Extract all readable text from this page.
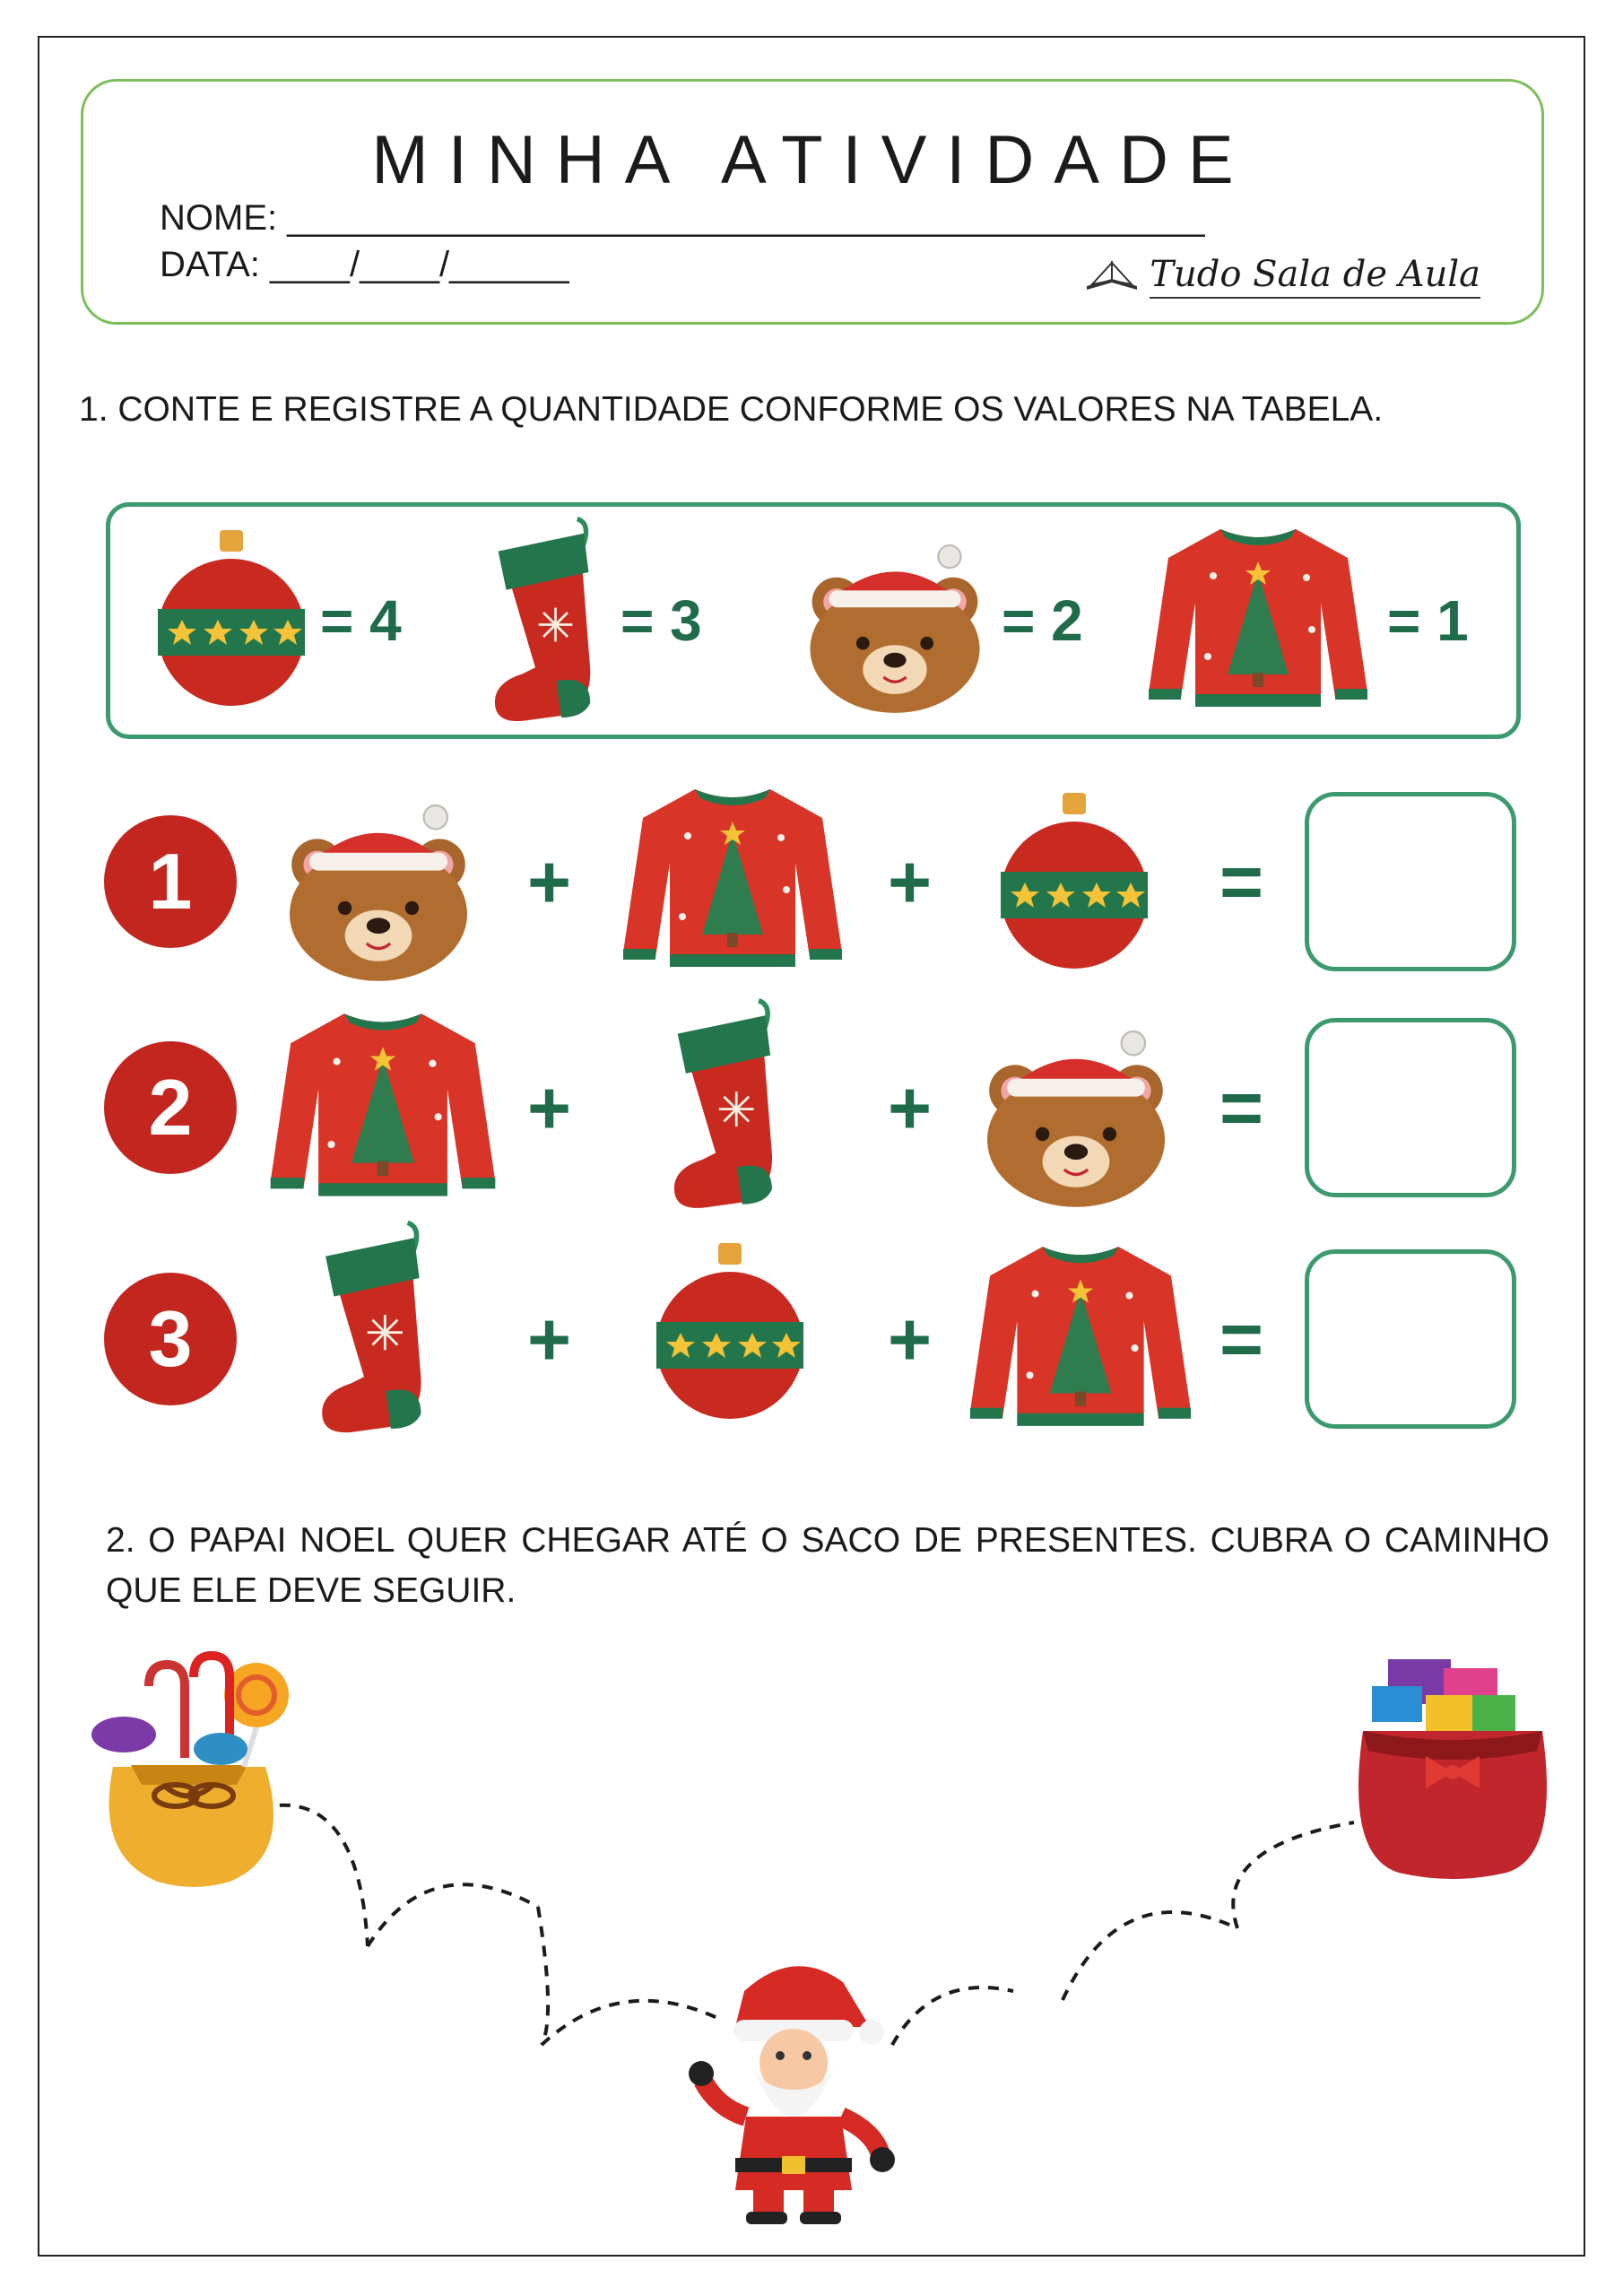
MINHA ATIVIDADE
NOME: ______________________________________________
DATA: ____/____/______	Tudo Sala de Aula
1. CONTE E REGISTRE A QUANTIDADE CONFORME OS VALORES NA TABELA.
= 4	= 3	= 2	= 1
1	+	+	=
2	+	+	=
3	+	+	=
2. O PAPAI NOEL QUER CHEGAR ATÉ O SACO DE PRESENTES. CUBRA O CAMINHO QUE ELE DEVE SEGUIR.
